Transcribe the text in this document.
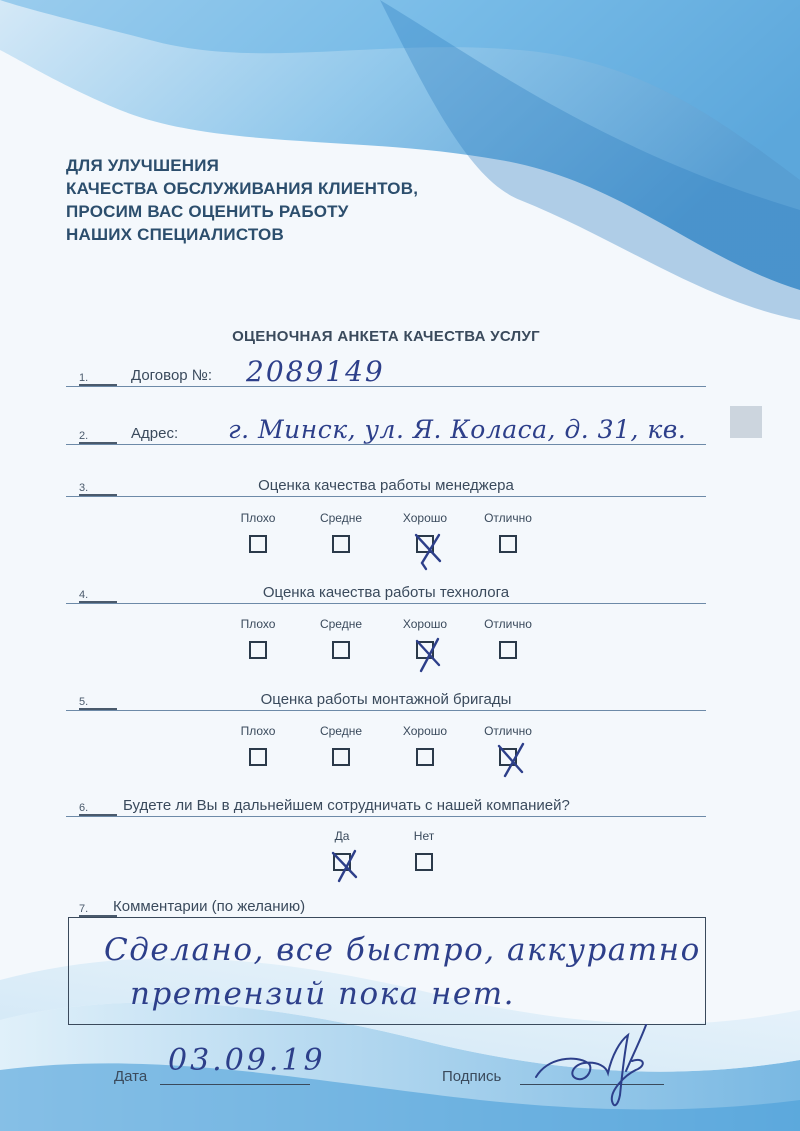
ДЛЯ УЛУЧШЕНИЯ
КАЧЕСТВА ОБСЛУЖИВАНИЯ КЛИЕНТОВ,
ПРОСИМ ВАС ОЦЕНИТЬ РАБОТУ
НАШИХ СПЕЦИАЛИСТОВ
ОЦЕНОЧНАЯ АНКЕТА КАЧЕСТВА УСЛУГ
1.	Договор №: 2089149
2.	Адрес: г. Минск, ул. Я. Коласа, д. 31, кв.
3.	Оценка качества работы менеджера
Плохо	Средне	Хорошо	Отлично
4.	Оценка качества работы технолога
Плохо	Средне	Хорошо	Отлично
5.	Оценка работы монтажной бригады
Плохо	Средне	Хорошо	Отлично
6.	Будете ли Вы в дальнейшем сотрудничать с нашей компанией?
Да	Нет
7.	Комментарии (по желанию)
Сделано, все быстро, аккуратно
претензий пока нет.
Дата 03.09.19	Подпись
